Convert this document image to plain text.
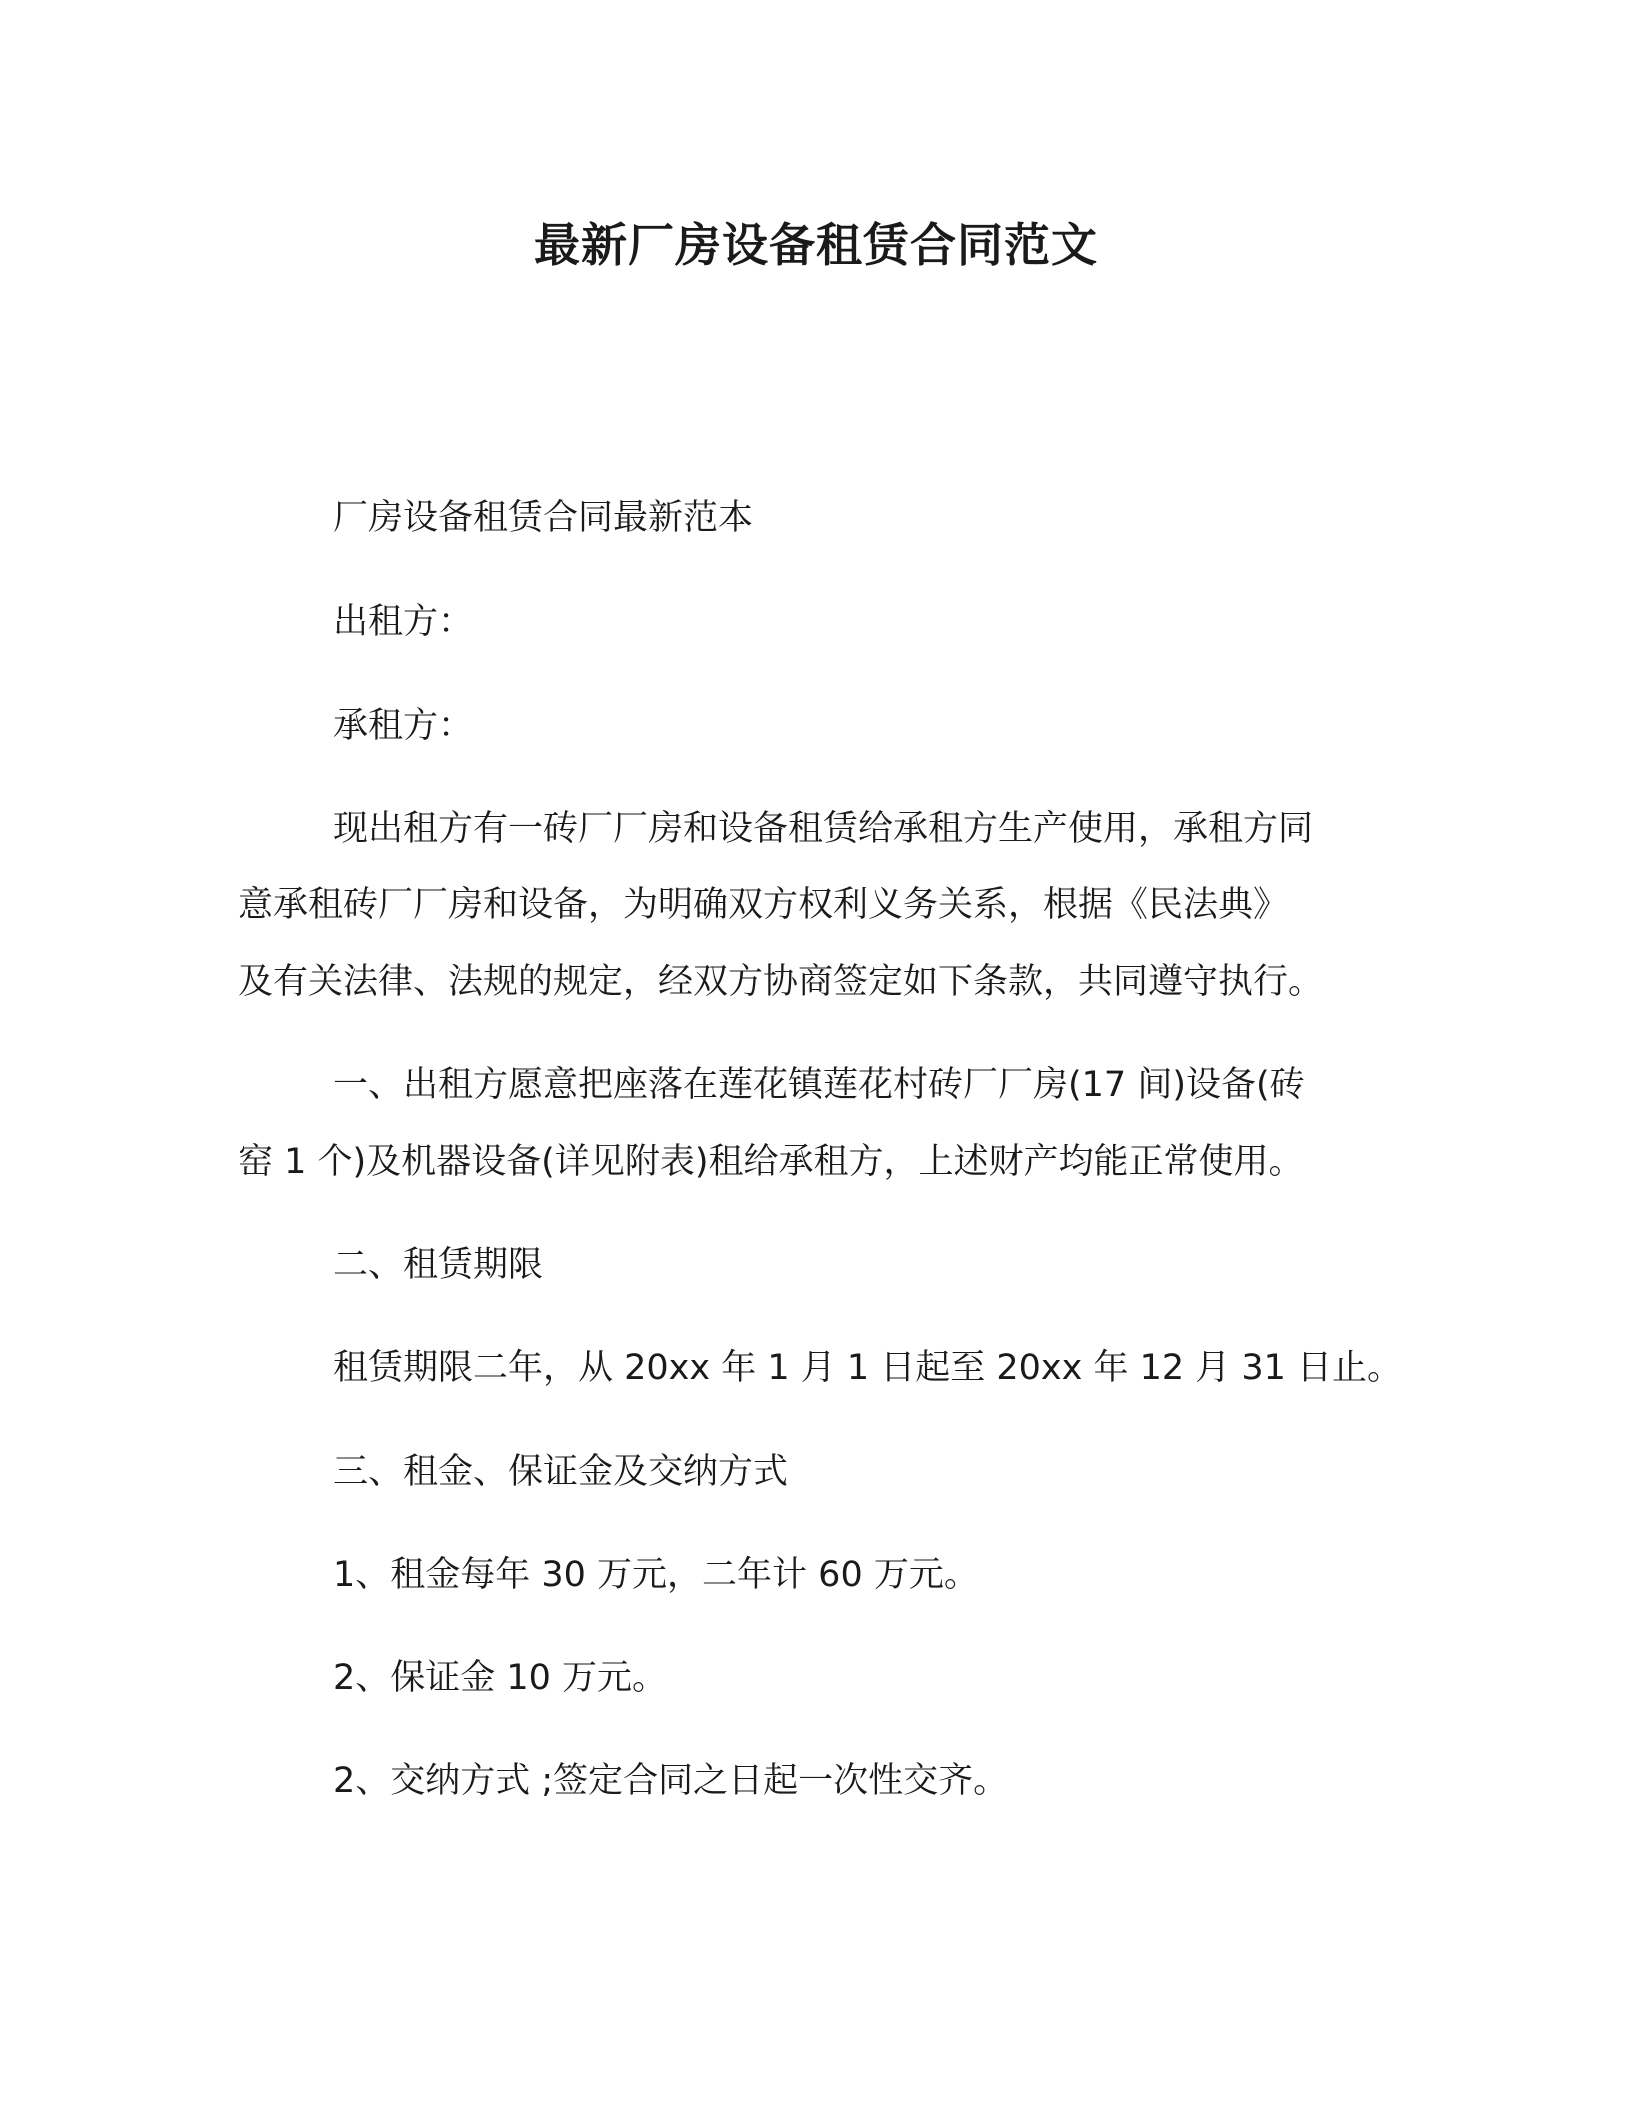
最新厂房设备租赁合同范文
厂房设备租赁合同最新范本
出租方：
承租方：
现出租方有一砖厂厂房和设备租赁给承租方生产使用，承租方同
意承租砖厂厂房和设备，为明确双方权利义务关系，根据《民法典》
及有关法律、法规的规定，经双方协商签定如下条款，共同遵守执行。
一、出租方愿意把座落在莲花镇莲花村砖厂厂房(17 间)设备(砖
窑 1 个)及机器设备(详见附表)租给承租方，上述财产均能正常使用。
二、租赁期限
租赁期限二年，从 20xx 年 1 月 1 日起至 20xx 年 12 月 31 日止。
三、租金、保证金及交纳方式
1、租金每年 30 万元，二年计 60 万元。
2、保证金 10 万元。
2、交纳方式 ;签定合同之日起一次性交齐。
